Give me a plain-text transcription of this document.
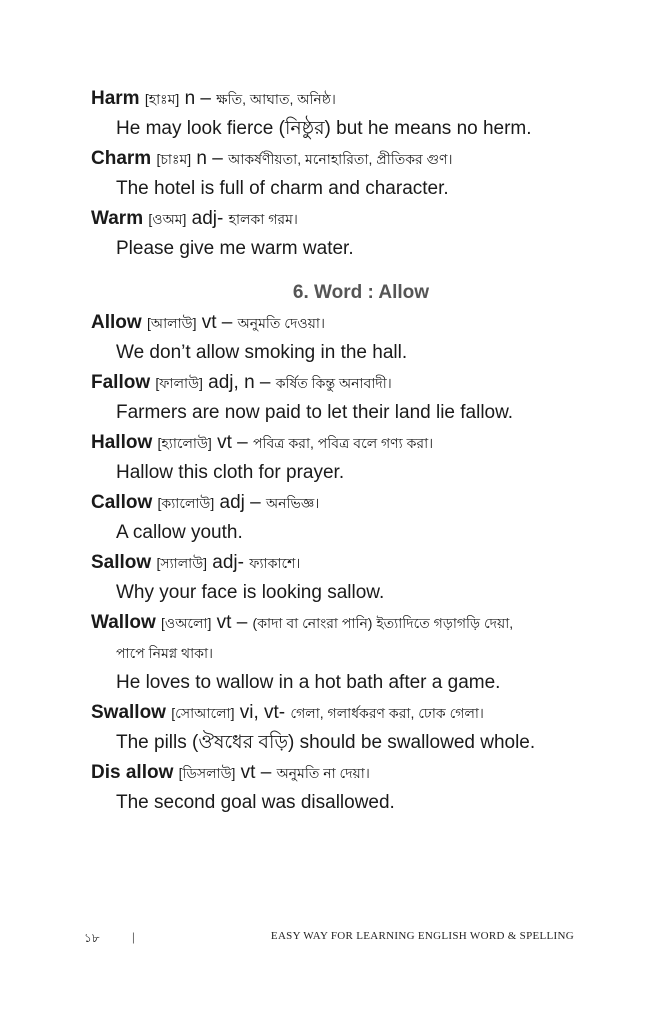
Harm [হাঃম] n – ক্ষতি, আঘাত, অনিষ্ঠ।
He may look fierce (নিষ্ঠুর) but he means no herm.
Charm [চাঃম] n – আকর্ষণীয়তা, মনোহারিতা, প্রীতিকর গুণ।
The hotel is full of charm and character.
Warm [ওঅম] adj- হালকা গরম।
Please give me warm water.
6. Word : Allow
Allow [আলাউ] vt – অনুমতি দেওয়া।
We don’t allow smoking in the hall.
Fallow [ফালাউ] adj, n – কর্ষিত কিন্তু অনাবাদী।
Farmers are now paid to let their land lie fallow.
Hallow [হ্যালোউ] vt – পবিত্র করা, পবিত্র বলে গণ্য করা।
Hallow this cloth for prayer.
Callow [ক্যালোউ] adj – অনভিজ্ঞ।
A callow youth.
Sallow [স্যালাউ] adj- ফ্যাকাশে।
Why your face is looking sallow.
Wallow [ওঅলো] vt – (কাদা বা নোংরা পানি) ইত্যাদিতে গড়াগড়ি দেয়া,
পাপে নিমগ্ন থাকা।
He loves to wallow in a hot bath after a game.
Swallow [সোআলো] vi, vt- গেলা, গলার্ধকরণ করা, ঢোক গেলা।
The pills (ঔষধের বড়ি) should be swallowed whole.
Dis allow [ডিসলাউ] vt – অনুমতি না দেয়া।
The second goal was disallowed.
১৮ |	EASY WAY FOR LEARNING ENGLISH WORD & SPELLING
